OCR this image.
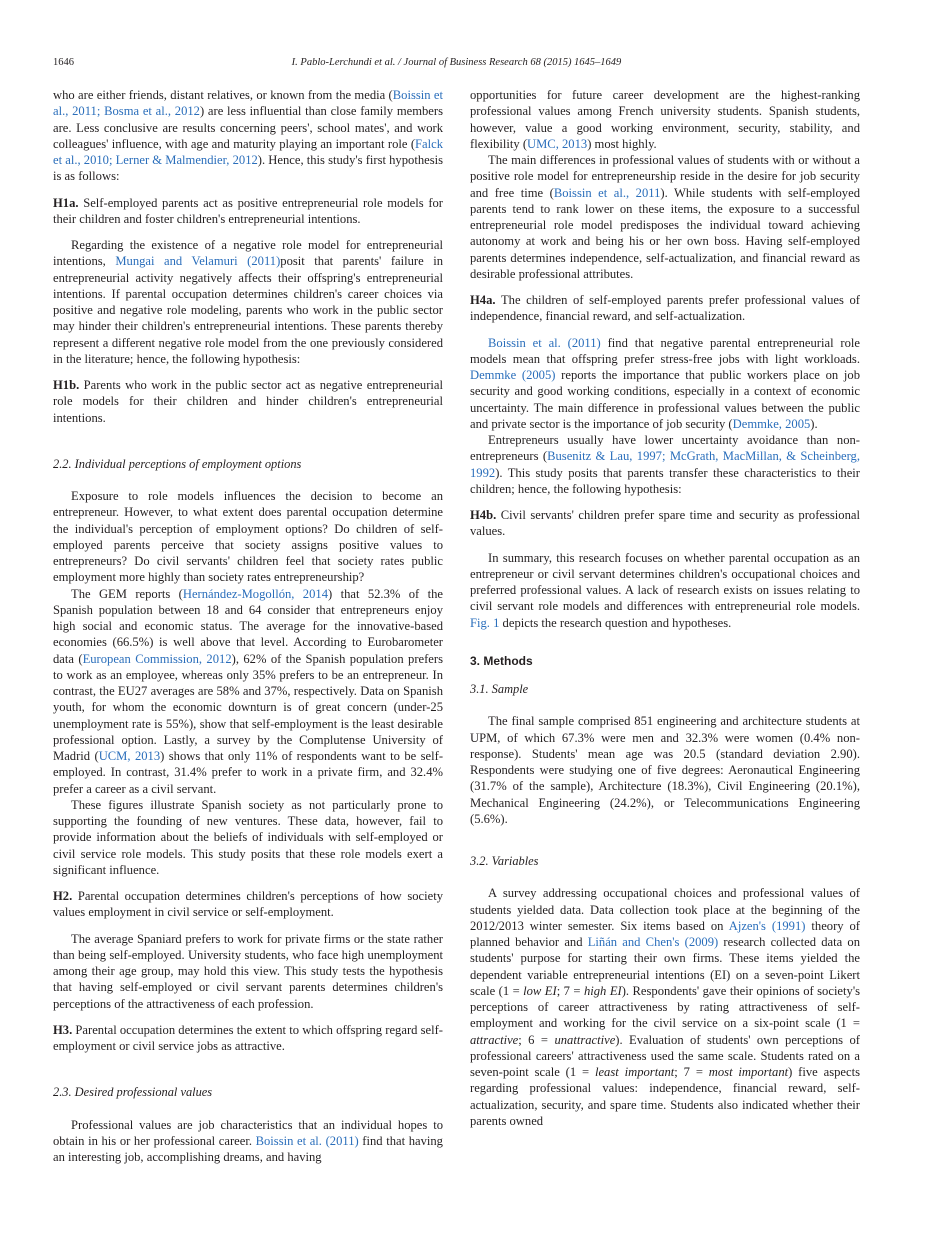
1646	I. Pablo-Lerchundi et al. / Journal of Business Research 68 (2015) 1645–1649

who are either friends, distant relatives, or known from the media (Boissin et al., 2011; Bosma et al., 2012) are less influential than close family members are. Less conclusive are results concerning peers', school mates', and work colleagues' influence, with age and maturity playing an important role (Falck et al., 2010; Lerner & Malmendier, 2012). Hence, this study's first hypothesis is as follows:

H1a. Self-employed parents act as positive entrepreneurial role models for their children and foster children's entrepreneurial intentions.

Regarding the existence of a negative role model for entrepreneurial intentions, Mungai and Velamuri (2011)posit that parents' failure in entrepreneurial activity negatively affects their offspring's entrepreneurial intentions. If parental occupation determines children's career choices via positive and negative role modeling, parents who work in the public sector may hinder their children's entrepreneurial intentions. These parents thereby represent a different negative role model from the one previously considered in the literature; hence, the following hypothesis:

H1b. Parents who work in the public sector act as negative entrepreneurial role models for their children and hinder children's entrepreneurial intentions.

2.2. Individual perceptions of employment options

Exposure to role models influences the decision to become an entrepreneur. However, to what extent does parental occupation determine the individual's perception of employment options? Do children of self-employed parents perceive that society assigns positive values to entrepreneurs? Do civil servants' children feel that society rates public employment more highly than society rates entrepreneurship?

The GEM reports (Hernández-Mogollón, 2014) that 52.3% of the Spanish population between 18 and 64 consider that entrepreneurs enjoy high social and economic status. The average for the innovative-based economies (66.5%) is well above that level. According to Eurobarometer data (European Commission, 2012), 62% of the Spanish population prefers to work as an employee, whereas only 35% prefers to be an entrepreneur. In contrast, the EU27 averages are 58% and 37%, respectively. Data on Spanish youth, for whom the economic downturn is of great concern (under-25 unemployment rate is 55%), show that self-employment is the least desirable professional option. Lastly, a survey by the Complutense University of Madrid (UCM, 2013) shows that only 11% of respondents want to be self-employed. In contrast, 31.4% prefer to work in a private firm, and 32.4% prefer a career as a civil servant.

These figures illustrate Spanish society as not particularly prone to supporting the founding of new ventures. These data, however, fail to provide information about the beliefs of individuals with self-employed or civil service role models. This study posits that these role models exert a significant influence.

H2. Parental occupation determines children's perceptions of how society values employment in civil service or self-employment.

The average Spaniard prefers to work for private firms or the state rather than being self-employed. University students, who face high unemployment among their age group, may hold this view. This study tests the hypothesis that having self-employed or civil servant parents determines children's perceptions of the attractiveness of each profession.

H3. Parental occupation determines the extent to which offspring regard self-employment or civil service jobs as attractive.

2.3. Desired professional values

Professional values are job characteristics that an individual hopes to obtain in his or her professional career. Boissin et al. (2011) find that having an interesting job, accomplishing dreams, and having

opportunities for future career development are the highest-ranking professional values among French university students. Spanish students, however, value a good working environment, security, stability, and flexibility (UMC, 2013) most highly.

The main differences in professional values of students with or without a positive role model for entrepreneurship reside in the desire for job security and free time (Boissin et al., 2011). While students with self-employed parents tend to rank lower on these items, the exposure to a successful entrepreneurial role model predisposes the individual toward achieving autonomy at work and being his or her own boss. Having self-employed parents determines independence, self-actualization, and financial reward as desirable professional attributes.

H4a. The children of self-employed parents prefer professional values of independence, financial reward, and self-actualization.

Boissin et al. (2011) find that negative parental entrepreneurial role models mean that offspring prefer stress-free jobs with light workloads. Demmke (2005) reports the importance that public workers place on job security and good working conditions, especially in a context of economic uncertainty. The main difference in professional values between the public and private sector is the importance of job security (Demmke, 2005).

Entrepreneurs usually have lower uncertainty avoidance than non-entrepreneurs (Busenitz & Lau, 1997; McGrath, MacMillan, & Scheinberg, 1992). This study posits that parents transfer these characteristics to their children; hence, the following hypothesis:

H4b. Civil servants' children prefer spare time and security as professional values.

In summary, this research focuses on whether parental occupation as an entrepreneur or civil servant determines children's occupational choices and preferred professional values. A lack of research exists on issues relating to civil servant role models and differences with entrepreneurial role models. Fig. 1 depicts the research question and hypotheses.

3. Methods
3.1. Sample

The final sample comprised 851 engineering and architecture students at UPM, of which 67.3% were men and 32.3% were women (0.4% non-response). Students' mean age was 20.5 (standard deviation 2.90). Respondents were studying one of five degrees: Aeronautical Engineering (31.7% of the sample), Architecture (18.3%), Civil Engineering (20.1%), Mechanical Engineering (24.2%), or Telecommunications Engineering (5.6%).

3.2. Variables

A survey addressing occupational choices and professional values of students yielded data. Data collection took place at the beginning of the 2012/2013 winter semester. Six items based on Ajzen's (1991) theory of planned behavior and Liñán and Chen's (2009) research collected data on students' purpose for starting their own firms. These items yielded the dependent variable entrepreneurial intentions (EI) on a seven-point Likert scale (1 = low EI; 7 = high EI). Respondents' gave their opinions of society's perceptions of career attractiveness by rating attractiveness of self-employment and working for the civil service on a six-point scale (1 = attractive; 6 = unattractive). Evaluation of students' own perceptions of professional careers' attractiveness used the same scale. Students rated on a seven-point scale (1 = least important; 7 = most important) five aspects regarding professional values: independence, financial reward, self-actualization, security, and spare time. Students also indicated whether their parents owned
